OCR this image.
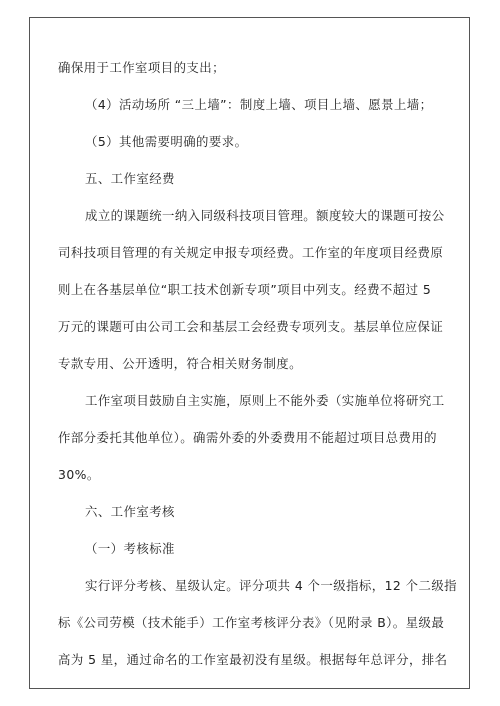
确保用于工作室项目的支出；
（4）活动场所 “三上墙”：制度上墙、项目上墙、愿景上墙；
（5）其他需要明确的要求。
五、工作室经费
成立的课题统一纳入同级科技项目管理。额度较大的课题可按公
司科技项目管理的有关规定申报专项经费。工作室的年度项目经费原
则上在各基层单位“职工技术创新专项”项目中列支。经费不超过 5
万元的课题可由公司工会和基层工会经费专项列支。基层单位应保证
专款专用、公开透明，符合相关财务制度。
工作室项目鼓励自主实施，原则上不能外委（实施单位将研究工
作部分委托其他单位）。确需外委的外委费用不能超过项目总费用的
30%。
六、工作室考核
（一）考核标准
实行评分考核、星级认定。评分项共 4 个一级指标，12 个二级指
标《公司劳模（技术能手）工作室考核评分表》（见附录 B）。星级最
高为 5 星，通过命名的工作室最初没有星级。根据每年总评分，排名
